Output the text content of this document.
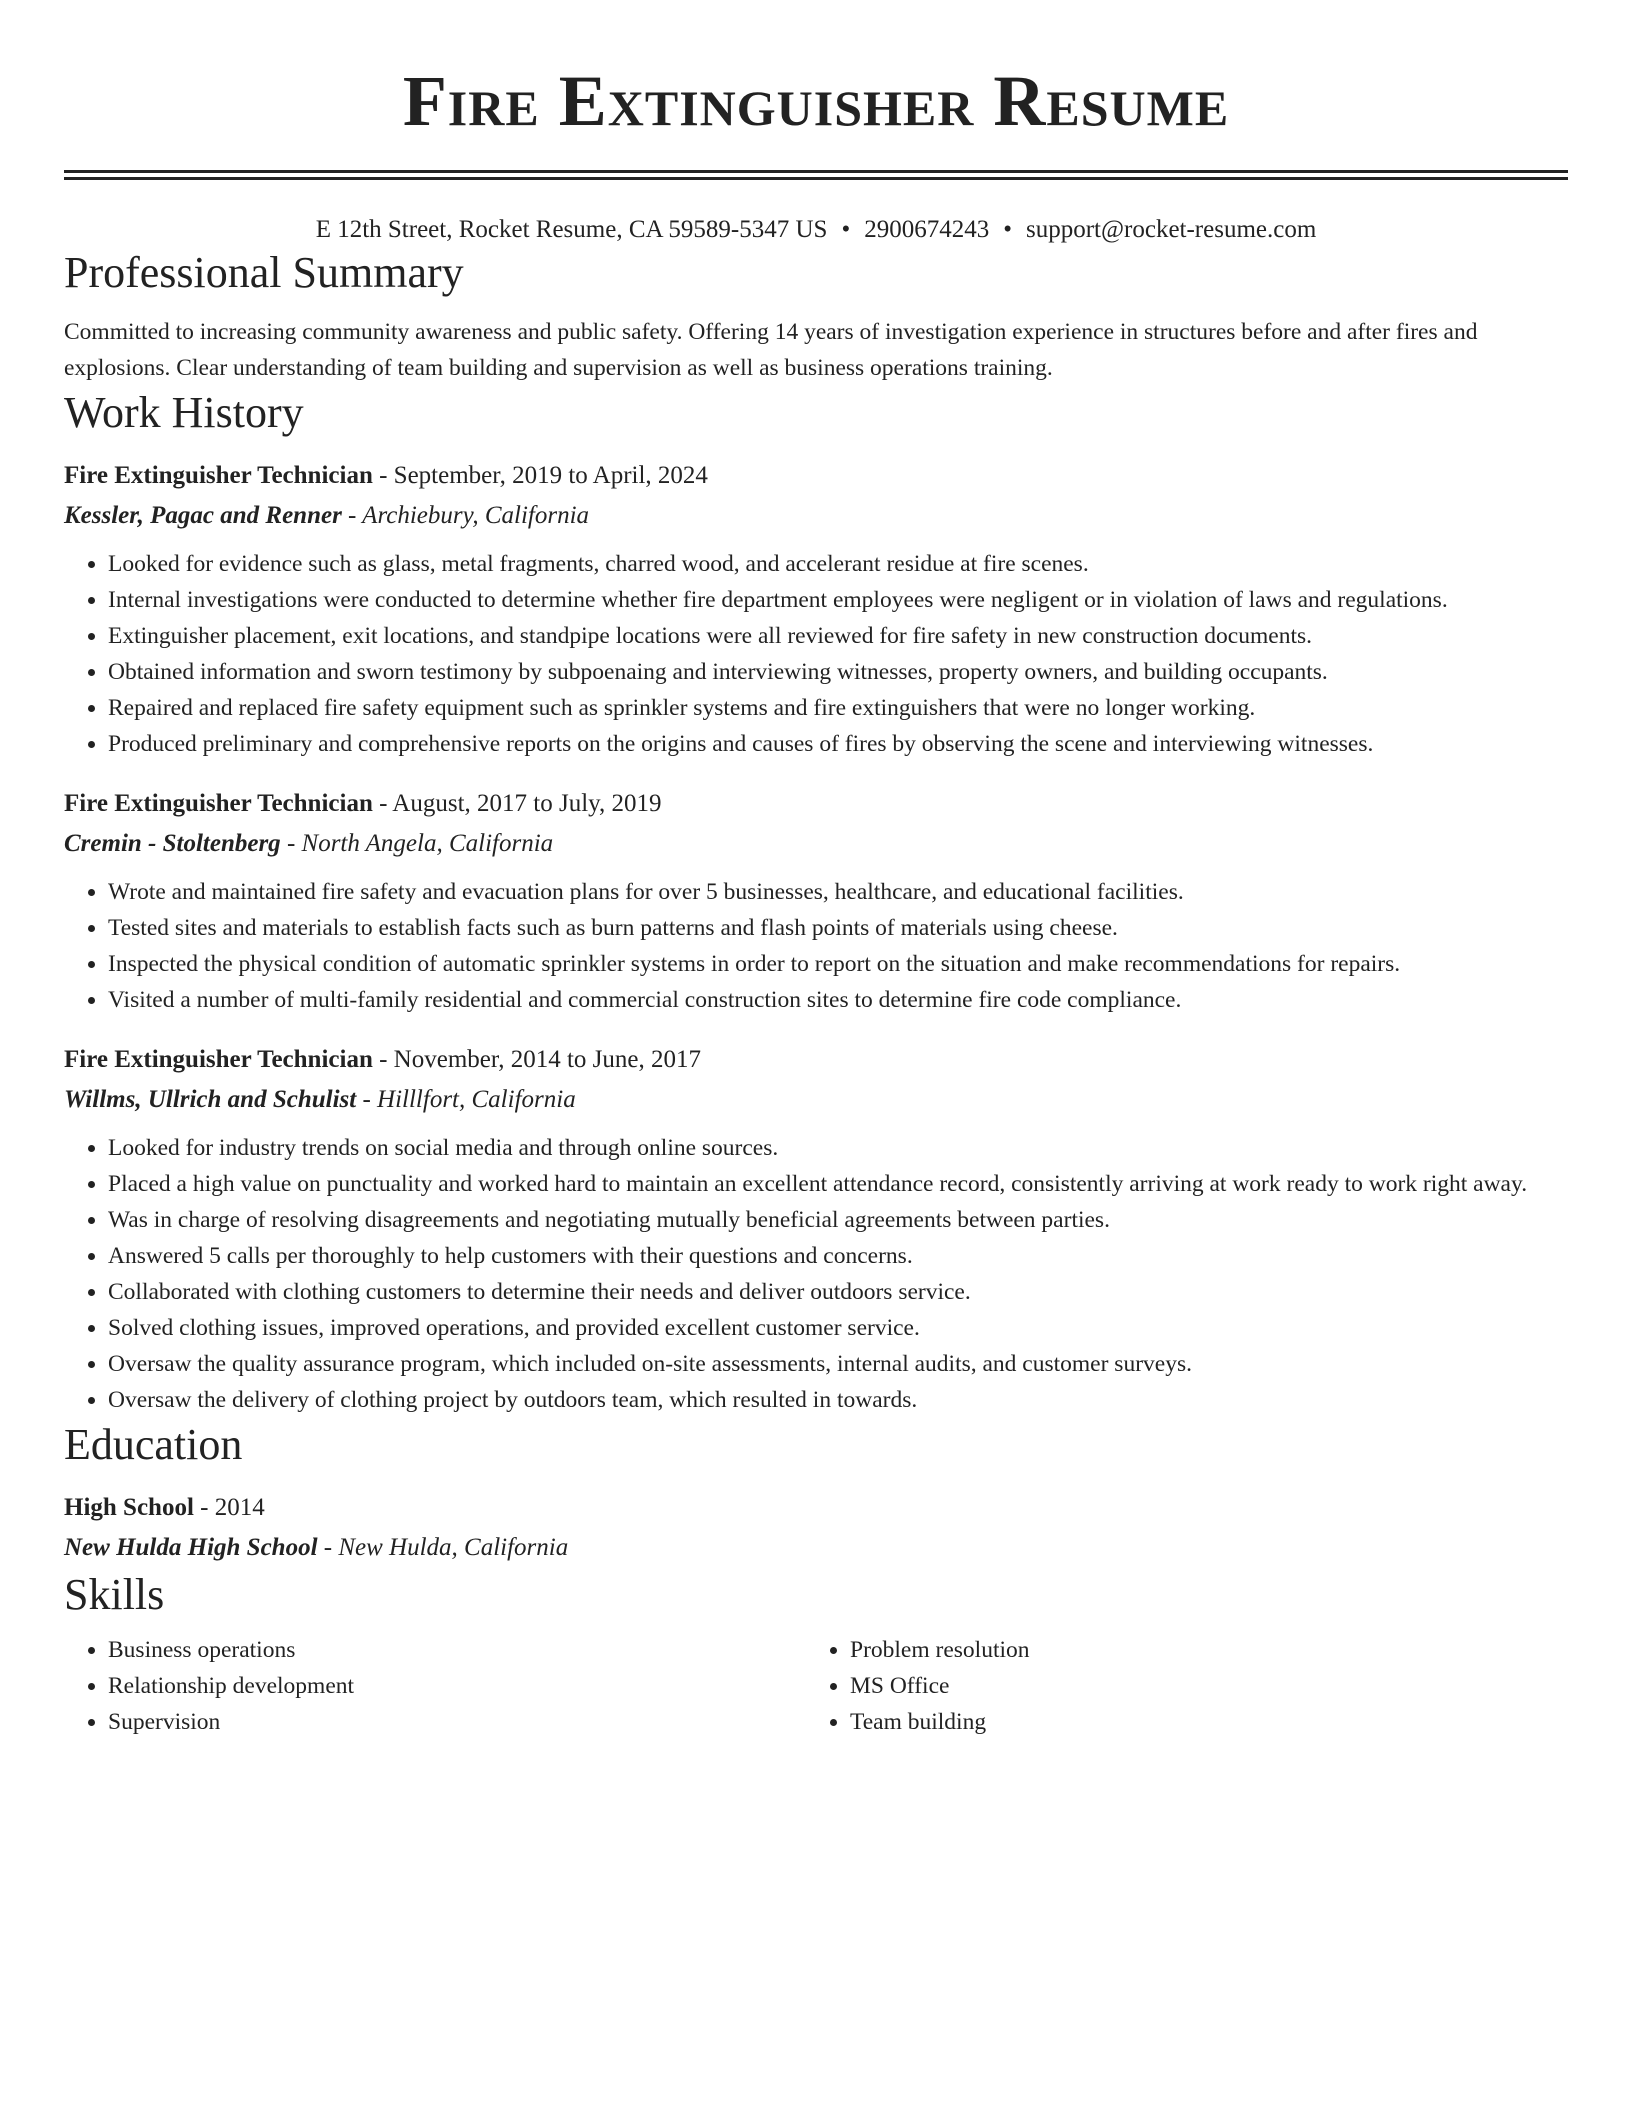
Fire Extinguisher Resume
E 12th Street, Rocket Resume, CA 59589-5347 US • 2900674243 • support@rocket-resume.com
Professional Summary
Committed to increasing community awareness and public safety. Offering 14 years of investigation experience in structures before and after fires and explosions. Clear understanding of team building and supervision as well as business operations training.
Work History
Fire Extinguisher Technician - September, 2019 to April, 2024
Kessler, Pagac and Renner - Archiebury, California
• Looked for evidence such as glass, metal fragments, charred wood, and accelerant residue at fire scenes.
• Internal investigations were conducted to determine whether fire department employees were negligent or in violation of laws and regulations.
• Extinguisher placement, exit locations, and standpipe locations were all reviewed for fire safety in new construction documents.
• Obtained information and sworn testimony by subpoenaing and interviewing witnesses, property owners, and building occupants.
• Repaired and replaced fire safety equipment such as sprinkler systems and fire extinguishers that were no longer working.
• Produced preliminary and comprehensive reports on the origins and causes of fires by observing the scene and interviewing witnesses.
Fire Extinguisher Technician - August, 2017 to July, 2019
Cremin - Stoltenberg - North Angela, California
• Wrote and maintained fire safety and evacuation plans for over 5 businesses, healthcare, and educational facilities.
• Tested sites and materials to establish facts such as burn patterns and flash points of materials using cheese.
• Inspected the physical condition of automatic sprinkler systems in order to report on the situation and make recommendations for repairs.
• Visited a number of multi-family residential and commercial construction sites to determine fire code compliance.
Fire Extinguisher Technician - November, 2014 to June, 2017
Willms, Ullrich and Schulist - Hilllfort, California
• Looked for industry trends on social media and through online sources.
• Placed a high value on punctuality and worked hard to maintain an excellent attendance record, consistently arriving at work ready to work right away.
• Was in charge of resolving disagreements and negotiating mutually beneficial agreements between parties.
• Answered 5 calls per thoroughly to help customers with their questions and concerns.
• Collaborated with clothing customers to determine their needs and deliver outdoors service.
• Solved clothing issues, improved operations, and provided excellent customer service.
• Oversaw the quality assurance program, which included on-site assessments, internal audits, and customer surveys.
• Oversaw the delivery of clothing project by outdoors team, which resulted in towards.
Education
High School - 2014
New Hulda High School - New Hulda, California
Skills
• Business operations
• Relationship development
• Supervision
• Problem resolution
• MS Office
• Team building
